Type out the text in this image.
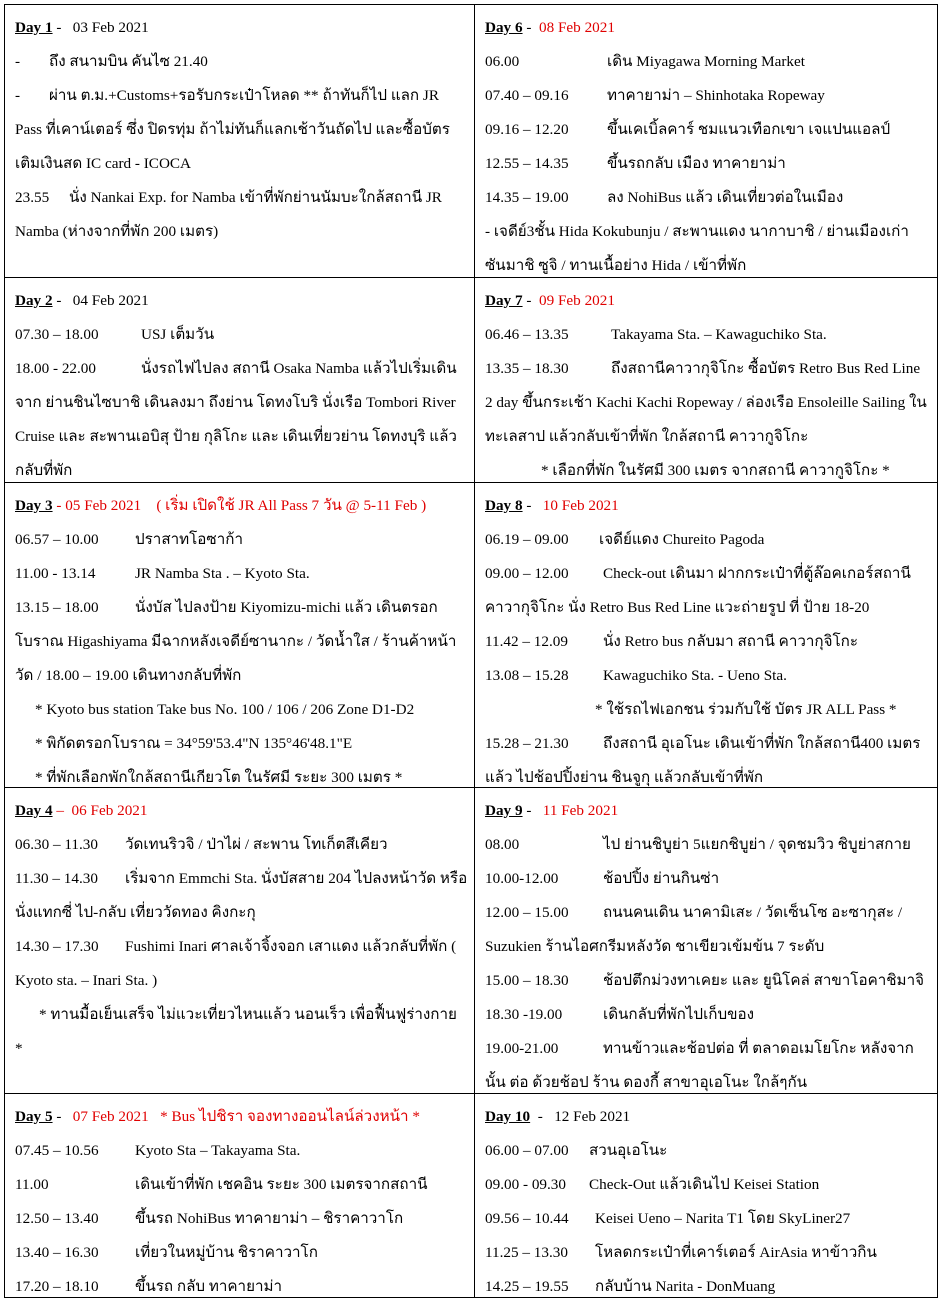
Day 1 -   03 Feb 2021
-	ถึง สนามบิน คันไซ 21.40
- ผ่าน ต.ม.+Customs+รอรับกระเป๋าโหลด ** ถ้าทันก็ไป แลก JR Pass ที่เคาน์เตอร์ ซึ่ง ปิดรทุ่ม ถ้าไม่ทันก็แลกเช้าวันถัดไป และซื้อบัตรเติมเงินสด IC card - ICOCA
23.55 นั่ง Nankai Exp. for Namba เข้าที่พักย่านนัมบะใกล้สถานี JR Namba (ห่างจากที่พัก 200 เมตร)
Day 6 -  08 Feb 2021
06.00	เดิน Miyagawa Morning Market
07.40 – 09.16	ทาคายาม่า – Shinhotaka Ropeway
09.16 – 12.20	ขึ้นเคเบิ้ลคาร์ ชมแนวเทือกเขา เจแปนแอลป์
12.55 – 14.35	ขึ้นรถกลับ เมือง ทาคายาม่า
14.35 – 19.00	ลง NohiBus แล้ว เดินเที่ยวต่อในเมือง
- เจดีย์3ชั้น Hida Kokubunju / สะพานแดง นากาบาชิ / ย่านเมืองเก่า ซันมาชิ ซูจิ / ทานเนื้อย่าง Hida / เข้าที่พัก
Day 2 -   04 Feb 2021
07.30 – 18.00	USJ เต็มวัน
18.00 - 22.00	นั่งรถไฟไปลง สถานี Osaka Namba แล้วไปเริ่มเดินจาก ย่านชินไซบาชิ เดินลงมา ถึงย่าน โดทงโบริ นั่งเรือ Tombori River Cruise และ สะพานเอบิสุ ป้าย กุลิโกะ และ เดินเที่ยวย่าน โดทงบุริ แล้ว กลับที่พัก
Day 7 -  09 Feb 2021
06.46 – 13.35	Takayama Sta. – Kawaguchiko Sta.
13.35 – 18.30	ถึงสถานีคาวากุจิโกะ ซื้อบัตร Retro Bus Red Line 2 day ขึ้นกระเช้า Kachi Kachi Ropeway / ล่องเรือ Ensoleille Sailing ในทะเลสาป แล้วกลับเข้าที่พัก ใกล้สถานี คาวากูจิโกะ
* เลือกที่พัก ในรัศมี 300 เมตร จากสถานี คาวากูจิโกะ *
Day 3 - 05 Feb 2021 ( เริ่ม เปิดใช้ JR All Pass 7 วัน @ 5-11 Feb )
06.57 – 10.00	ปราสาทโอซาก้า
11.00 - 13.14	JR Namba Sta . – Kyoto Sta.
13.15 – 18.00 นั่งบัส ไปลงป้าย Kiyomizu-michi แล้ว เดินตรอกโบราณ Higashiyama มีฉากหลังเจดีย์ซานากะ / วัดน้ำใส / ร้านค้าหน้าวัด / 18.00 – 19.00 เดินทางกลับที่พัก
* Kyoto bus station Take bus No. 100 / 106 / 206 Zone D1-D2
* พิกัดตรอกโบราณ = 34°59'53.4"N 135°46'48.1"E
* ที่พักเลือกพักใกล้สถานีเกียวโต ในรัศมี ระยะ 300 เมตร *
Day 8 -   10 Feb 2021
06.19 – 09.00	เจดีย์แดง Chureito Pagoda
09.00 – 12.00 Check-out เดินมา ฝากกระเป๋าที่ตู้ล๊อคเกอร์สถานี คาวากุจิโกะ นั่ง Retro Bus Red Line แวะถ่ายรูป ที่ ป้าย 18-20
11.42 – 12.09	นั่ง Retro bus กลับมา สถานี คาวากุจิโกะ
13.08 – 15.28	Kawaguchiko Sta. - Ueno Sta.
* ใช้รถไฟเอกชน ร่วมกับใช้ บัตร JR ALL Pass *
15.28 – 21.30 ถึงสถานี อุเอโนะ เดินเข้าที่พัก ใกล้สถานี400 เมตร แล้ว ไปช้อปปิ้งย่าน ชินจูกุ แล้วกลับเข้าที่พัก
Day 4 – 06 Feb 2021
06.30 – 11.30	วัดเทนริวจิ / ป่าไผ่ / สะพาน โทเก็ตสึเคียว
11.30 – 14.30 เริ่มจาก Emmchi Sta. นั่งบัสสาย 204 ไปลงหน้าวัด หรือ นั่งแทกซี่ ไป-กลับ เที่ยววัดทอง คิงกะกุ
14.30 – 17.30 Fushimi Inari ศาลเจ้าจิ้งจอก เสาแดง แล้วกลับที่พัก ( Kyoto sta. – Inari Sta. )
* ทานมื้อเย็นเสร็จ ไม่แวะเที่ยวไหนแล้ว นอนเร็ว เพื่อฟื้นฟูร่างกาย *
Day 9 -   11 Feb 2021
08.00	ไป ย่านชิบูย่า 5แยกชิบูย่า / จุดชมวิว ชิบูย่าสกาย
10.00-12.00	ช้อปปิ้ง ย่านกินซ่า
12.00 – 15.00 ถนนคนเดิน นาคามิเสะ / วัดเซ็นโซ อะซากุสะ / Suzukien ร้านไอศกรีมหลังวัด ชาเขียวเข้มข้น 7 ระดับ
15.00 – 18.30	ช้อปตึกม่วงทาเคยะ และ ยูนิโคล่ สาขาโอคาชิมาจิ
18.30 -19.00	เดินกลับที่พักไปเก็บของ
19.00-21.00	ทานข้าวและช้อปต่อ ที่ ตลาดอเมโยโกะ หลังจากนั้น ต่อ ด้วยช้อป ร้าน ดองกี้ สาขาอุเอโนะ ใกล้ๆกัน
Day 5 -   07 Feb 2021 * Bus ไปชิรา จองทางออนไลน์ล่วงหน้า *
07.45 – 10.56	Kyoto Sta – Takayama Sta.
11.00	เดินเข้าที่พัก เชคอิน ระยะ 300 เมตรจากสถานี
12.50 – 13.40	ขึ้นรถ NohiBus ทาคายาม่า – ชิราคาวาโก
13.40 – 16.30	เที่ยวในหมู่บ้าน ชิราคาวาโก
17.20 – 18.10	ขึ้นรถ กลับ ทาคายาม่า
Day 10  -   12 Feb 2021
06.00 – 07.00	สวนอุเอโนะ
09.00 - 09.30	Check-Out แล้วเดินไป Keisei Station
09.56 – 10.44	Keisei Ueno – Narita T1 โดย SkyLiner27
11.25 – 13.30	โหลดกระเป๋าที่เคาร์เตอร์ AirAsia หาข้าวกิน
14.25 – 19.55	กลับบ้าน Narita - DonMuang
